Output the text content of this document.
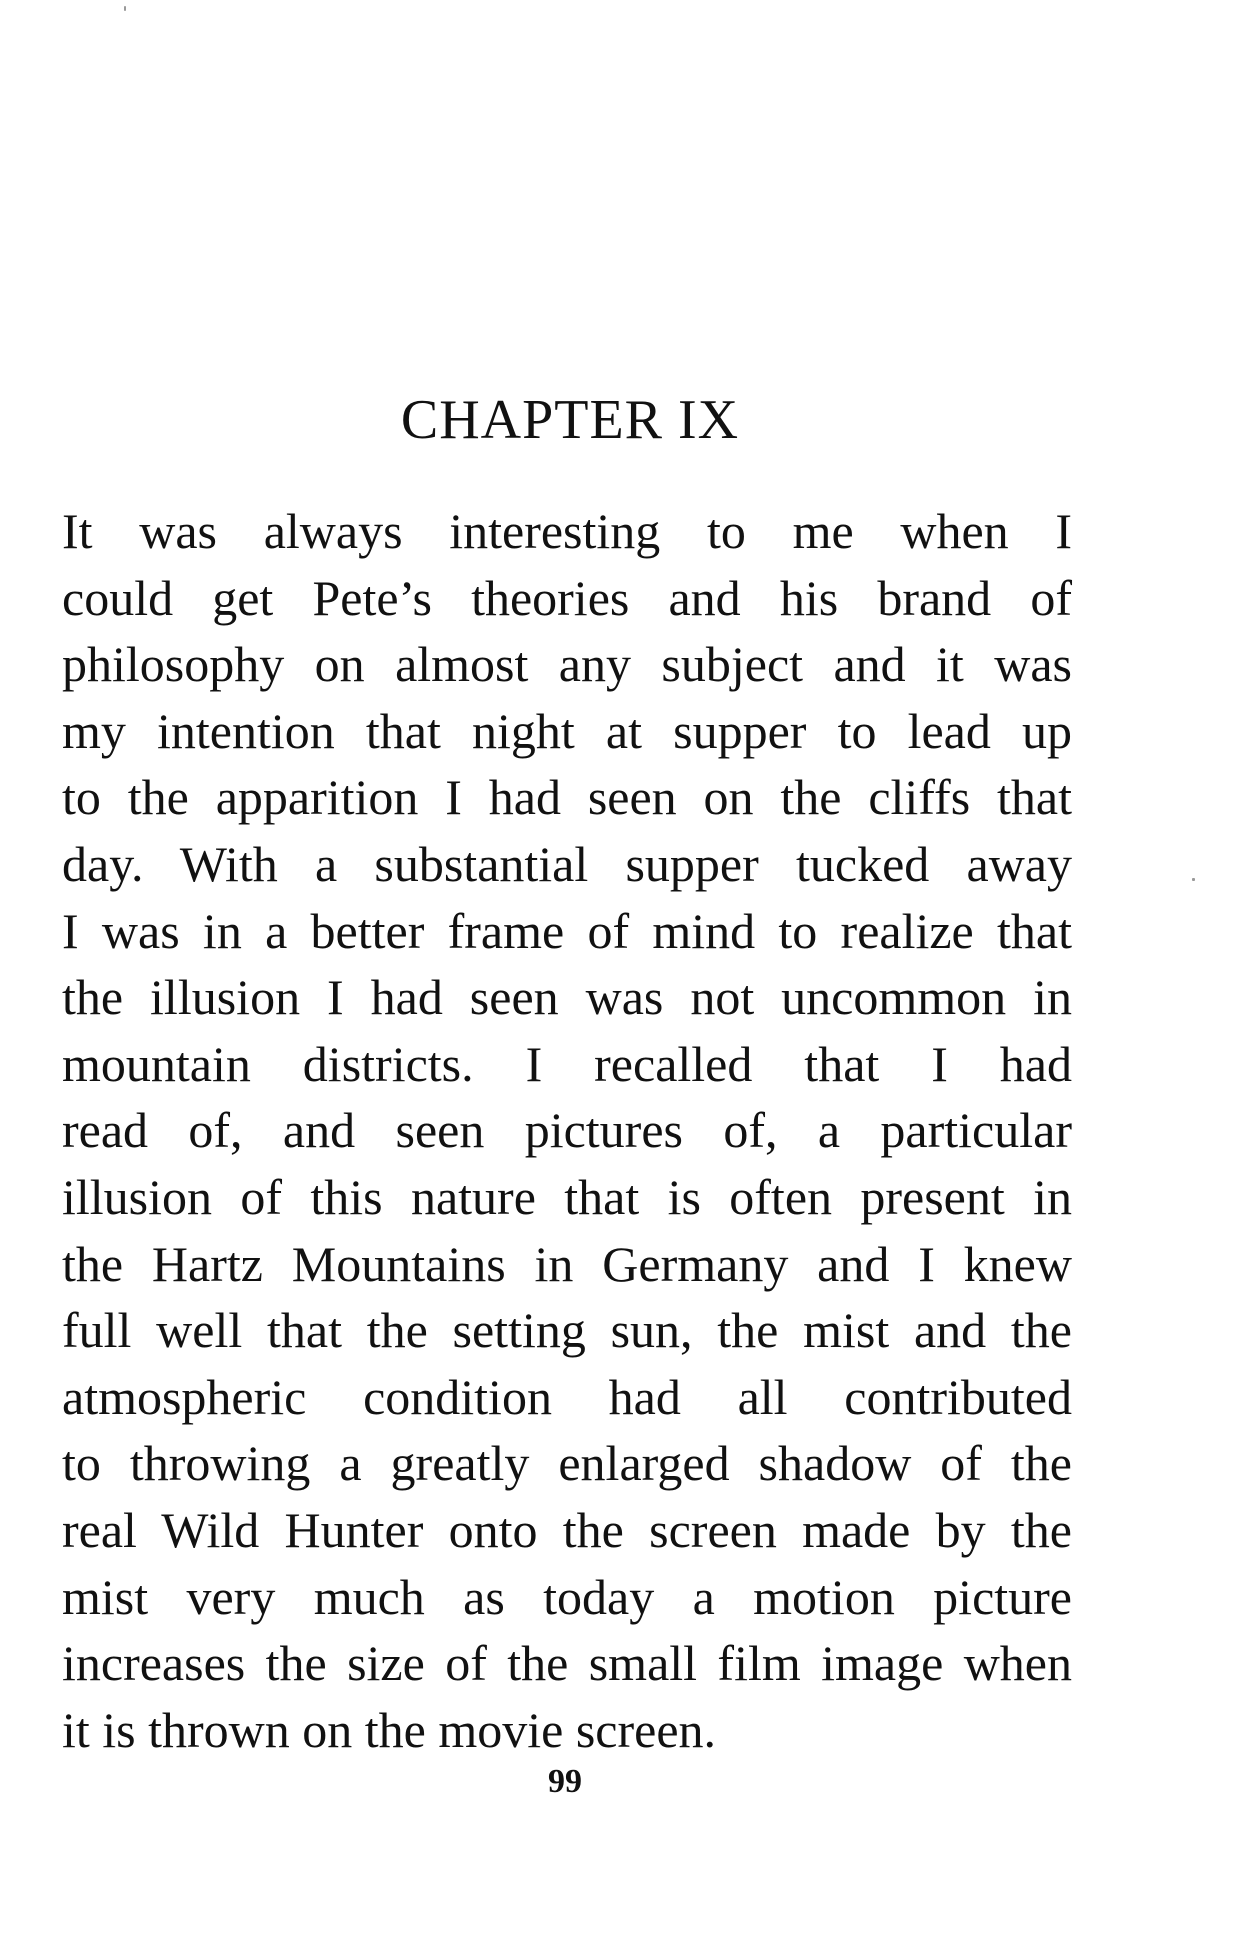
CHAPTER IX
It was always interesting to me when I
could get Pete’s theories and his brand of
philosophy on almost any subject and it was
my intention that night at supper to lead up
to the apparition I had seen on the cliffs that
day. With a substantial supper tucked away
I was in a better frame of mind to realize that
the illusion I had seen was not uncommon in
mountain districts. I recalled that I had
read of, and seen pictures of, a particular
illusion of this nature that is often present in
the Hartz Mountains in Germany and I knew
full well that the setting sun, the mist and the
atmospheric condition had all contributed
to throwing a greatly enlarged shadow of the
real Wild Hunter onto the screen made by the
mist very much as today a motion picture
increases the size of the small film image when
it is thrown on the movie screen.
99
